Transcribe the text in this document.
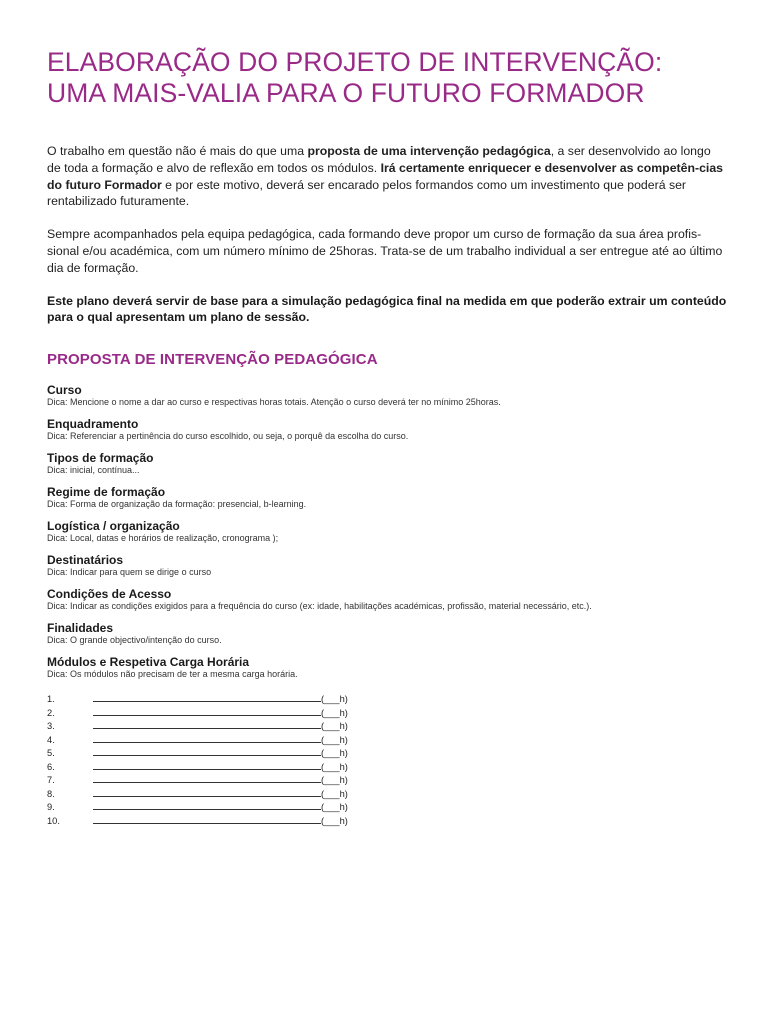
ELABORAÇÃO DO PROJETO DE INTERVENÇÃO: UMA MAIS-VALIA PARA O FUTURO FORMADOR

O trabalho em questão não é mais do que uma proposta de uma intervenção pedagógica, a ser desenvolvido ao longo de toda a formação e alvo de reflexão em todos os módulos. Irá certamente enriquecer e desenvolver as competên-cias do futuro Formador e por este motivo, deverá ser encarado pelos formandos como um investimento que poderá ser rentabilizado futuramente.

Sempre acompanhados pela equipa pedagógica, cada formando deve propor um curso de formação da sua área profis-sional e/ou académica, com um número mínimo de 25horas. Trata-se de um trabalho individual a ser entregue até ao último dia de formação.

Este plano deverá servir de base para a simulação pedagógica final na medida em que poderão extrair um conteúdo para o qual apresentam um plano de sessão.

PROPOSTA DE INTERVENÇÃO PEDAGÓGICA
Curso
Dica: Mencione o nome a dar ao curso e respectivas horas totais. Atenção o curso deverá ter no mínimo 25horas.
Enquadramento
Dica: Referenciar a pertinência do curso escolhido, ou seja, o porquê da escolha do curso.
Tipos de formação
Dica: inicial, contínua...
Regime de formação
Dica: Forma de organização da formação: presencial, b-learning.
Logística / organização
Dica: Local, datas e horários de realização, cronograma );
Destinatários
Dica: Indicar para quem se dirige o curso
Condições de Acesso
Dica: Indicar as condições exigidos para a frequência do curso (ex: idade, habilitações académicas, profissão, material necessário, etc.).
Finalidades
Dica: O grande objectivo/intenção do curso.
Módulos e Respetiva Carga Horária
Dica: Os módulos não precisam de ter a mesma carga horária.
1.	(___h)
2.	(___h)
3.	(___h)
4.	(___h)
5.	(___h)
6.	(___h)
7.	(___h)
8.	(___h)
9.	(___h)
10.	(___h)
